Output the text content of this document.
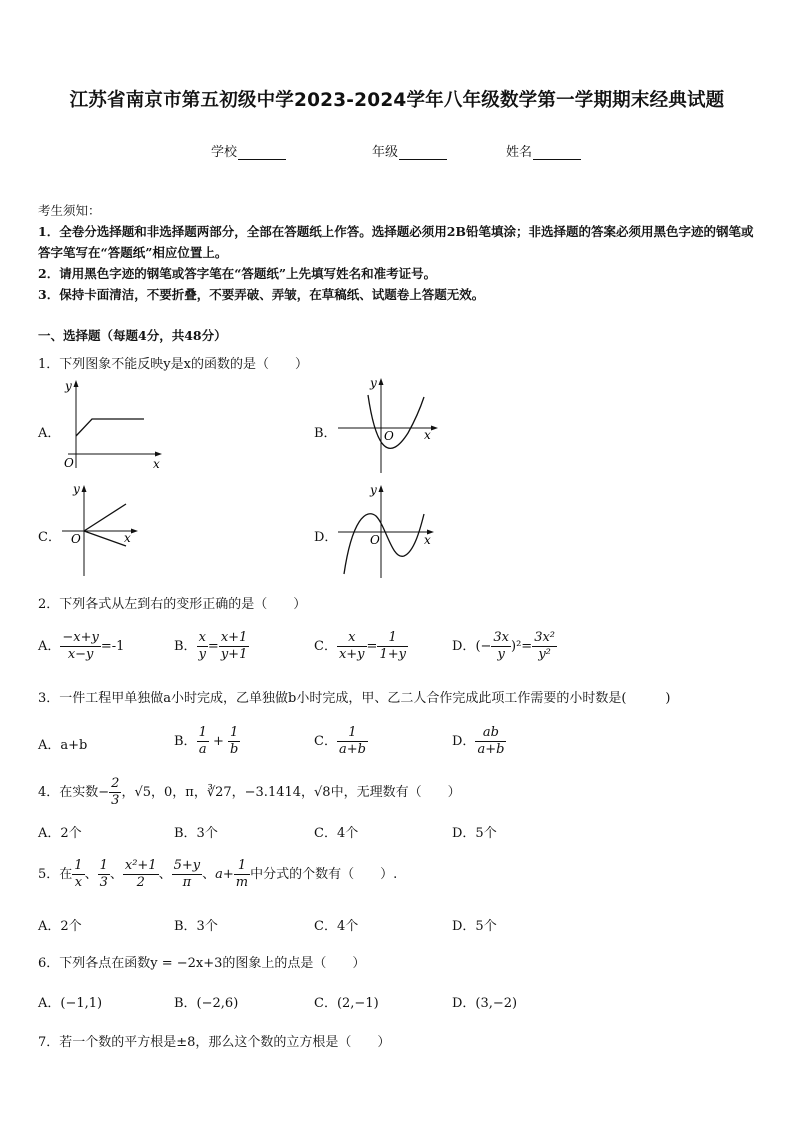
江苏省南京市第五初级中学2023-2024学年八年级数学第一学期期末经典试题
学校	年级	姓名
考生须知：
1．全卷分选择题和非选择题两部分，全部在答题纸上作答。选择题必须用2B铅笔填涂；非选择题的答案必须用黑色字迹的钢笔或答字笔写在“答题纸”相应位置上。
2．请用黑色字迹的钢笔或答字笔在“答题纸”上先填写姓名和准考证号。
3．保持卡面清洁，不要折叠，不要弄破、弄皱，在草稿纸、试题卷上答题无效。
一、选择题（每题4分，共48分）
1．下列图象不能反映y是x的函数的是（　　）
A．	B．
C．	D．
y
x
O
y
x
O
y
x
O
y
x
O
2．下列各式从左到右的变形正确的是（　　）
A． $\frac{-x+y}{x-y} =-1$	B． $\frac{x}{y} = \frac{x+1}{y+1}$	C． $\frac{x}{x+y} = \frac{1}{1+y}$	D．(− $\frac{3x}{y} )^2= \frac{\text{3x²}}{\text{y²}}$
3．一件工程甲单独做a小时完成，乙单独做b小时完成，甲、乙二人合作完成此项工作需要的小时数是(　　　)
A．a+b	B． $\frac{1}{a} + \frac{1}{b}$	C． $\frac{1}{a+b}$	D． $\frac{ab}{a+b}$
4．在实数− $\frac{2}{3}$ ，√5，0，π，∛27，−3.1414，√8中，无理数有（　　）
A．2个	B．3个	C．4个	D．5个
5．在 $\frac{1}{x}$ 、 $\frac{1}{3}$ 、 $\frac{\text{x²+1}}{2}$ 、 $\frac{5+y}{\pi}$ 、$a+ \frac{1}{m}$ 中分式的个数有（　　）.
A．2个	B．3个	C．4个	D．5个
6．下列各点在函数y = −2x+3的图象上的点是（　　）
A．(−1,1)	B．(−2,6)	C．(2,−1)	D．(3,−2)
7．若一个数的平方根是±8，那么这个数的立方根是（　　）
